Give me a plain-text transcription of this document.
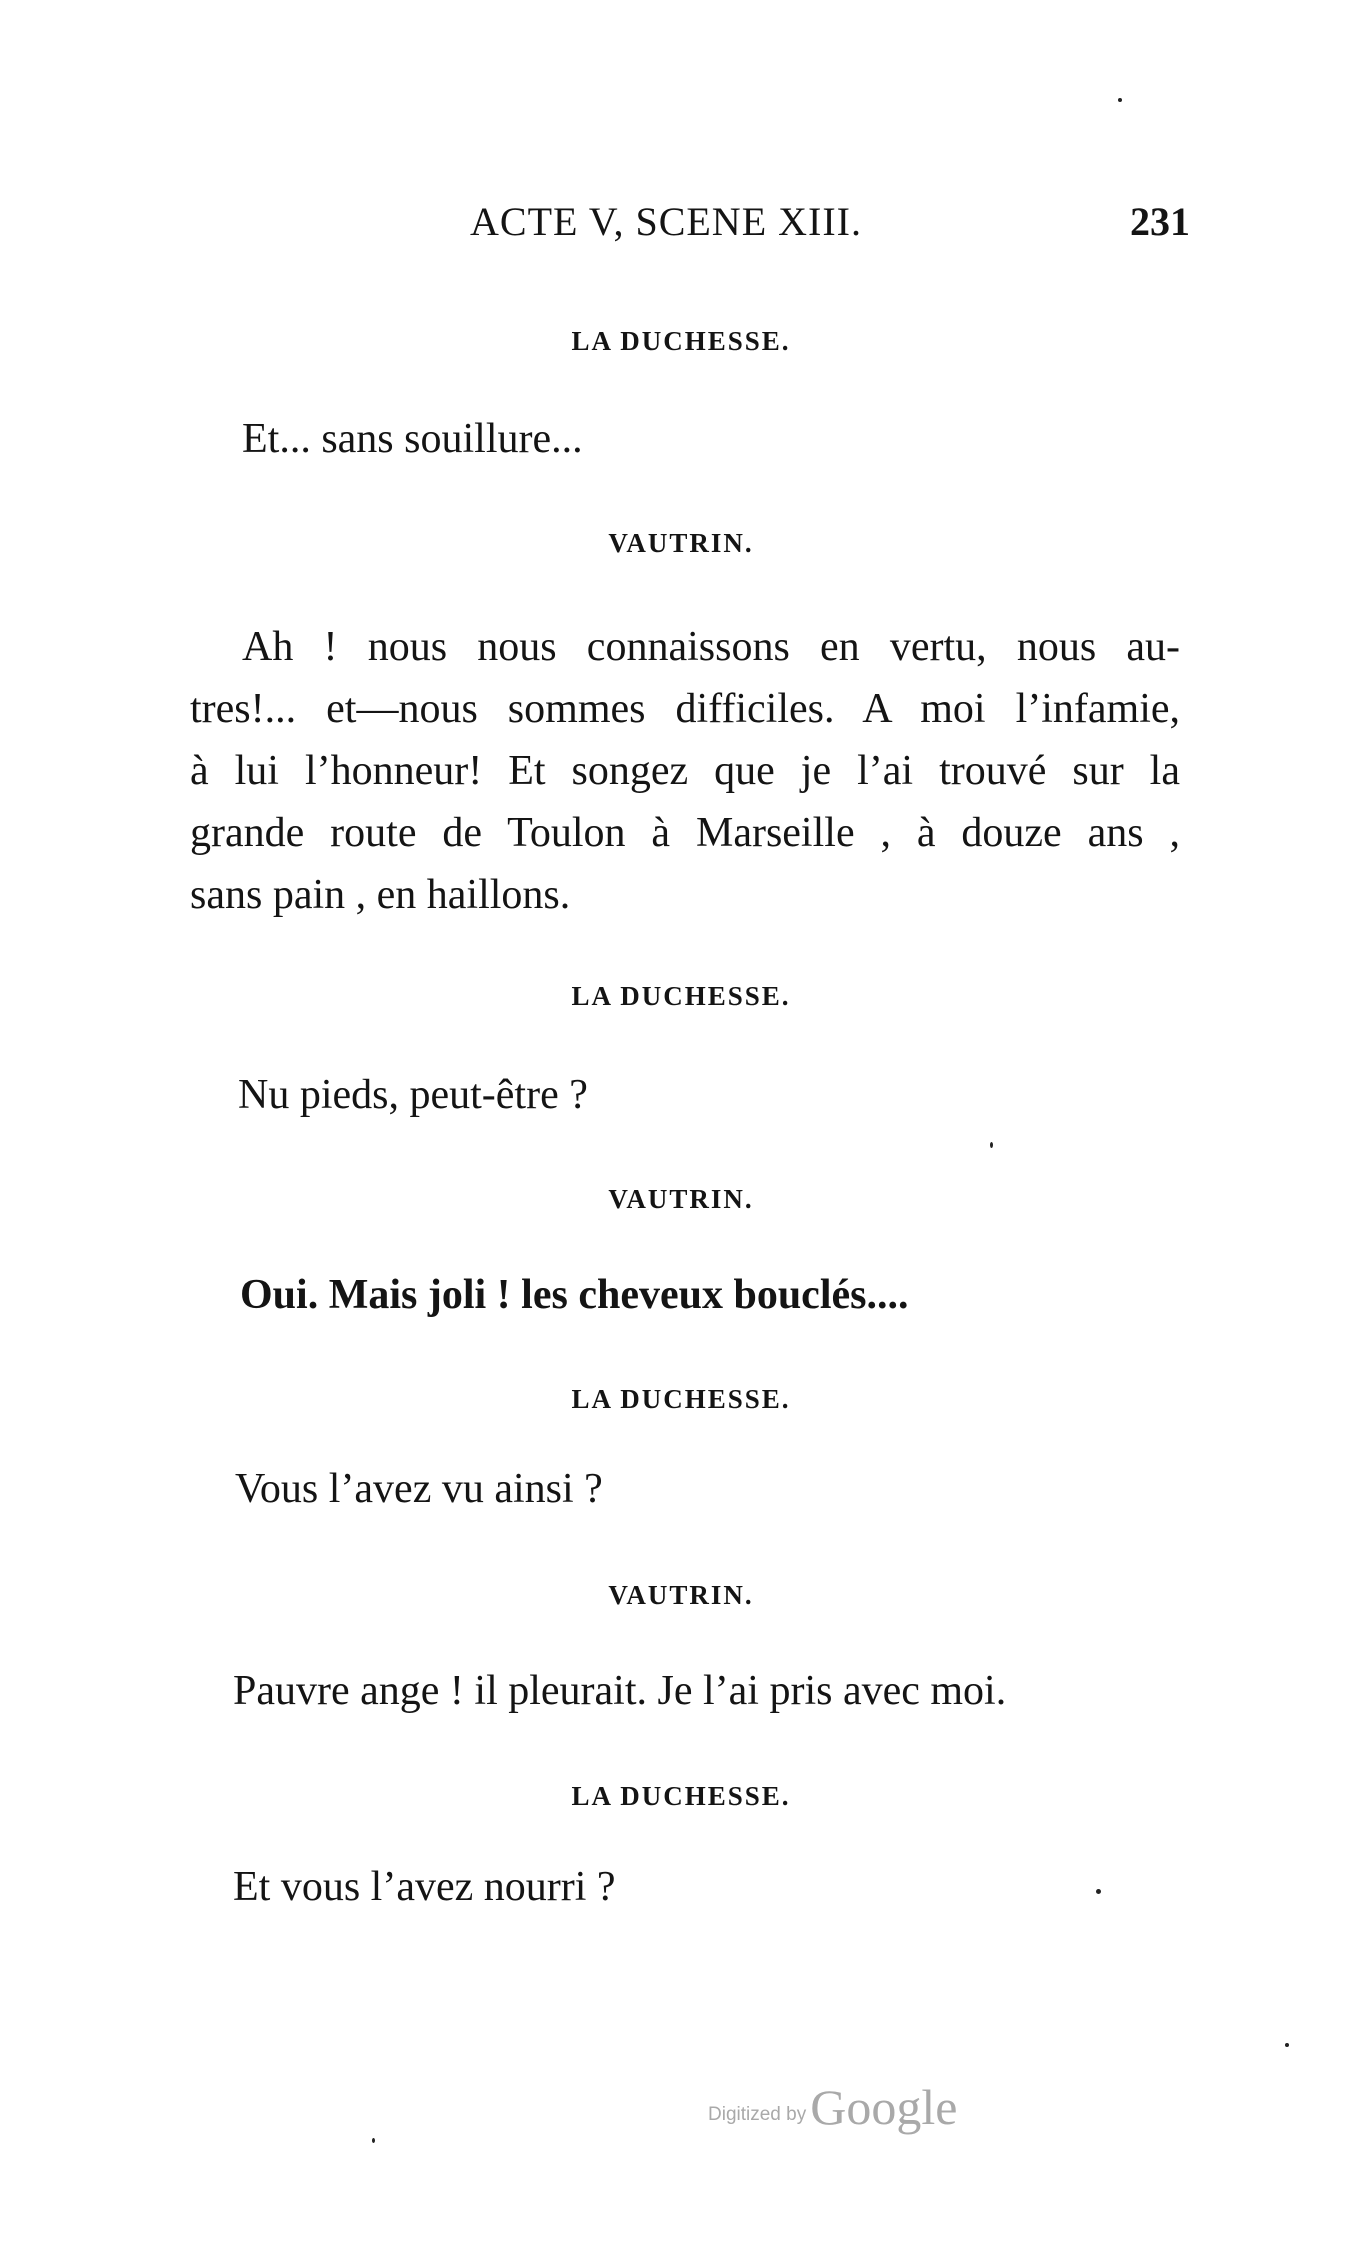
ACTE V, SCENE XIII.	231
LA DUCHESSE.
Et... sans souillure...
VAUTRIN.
Ah ! nous nous connaissons en vertu, nous au-
tres!... et—nous sommes difficiles. A moi l’infamie,
à lui l’honneur! Et songez que je l’ai trouvé sur la
grande route de Toulon à Marseille , à douze ans ,
sans pain , en haillons.
LA DUCHESSE.
Nu pieds, peut-être ?
VAUTRIN.
Oui. Mais joli ! les cheveux bouclés....
LA DUCHESSE.
Vous l’avez vu ainsi ?
VAUTRIN.
Pauvre ange ! il pleurait. Je l’ai pris avec moi.
LA DUCHESSE.
Et vous l’avez nourri ?
Digitized byGoogle
